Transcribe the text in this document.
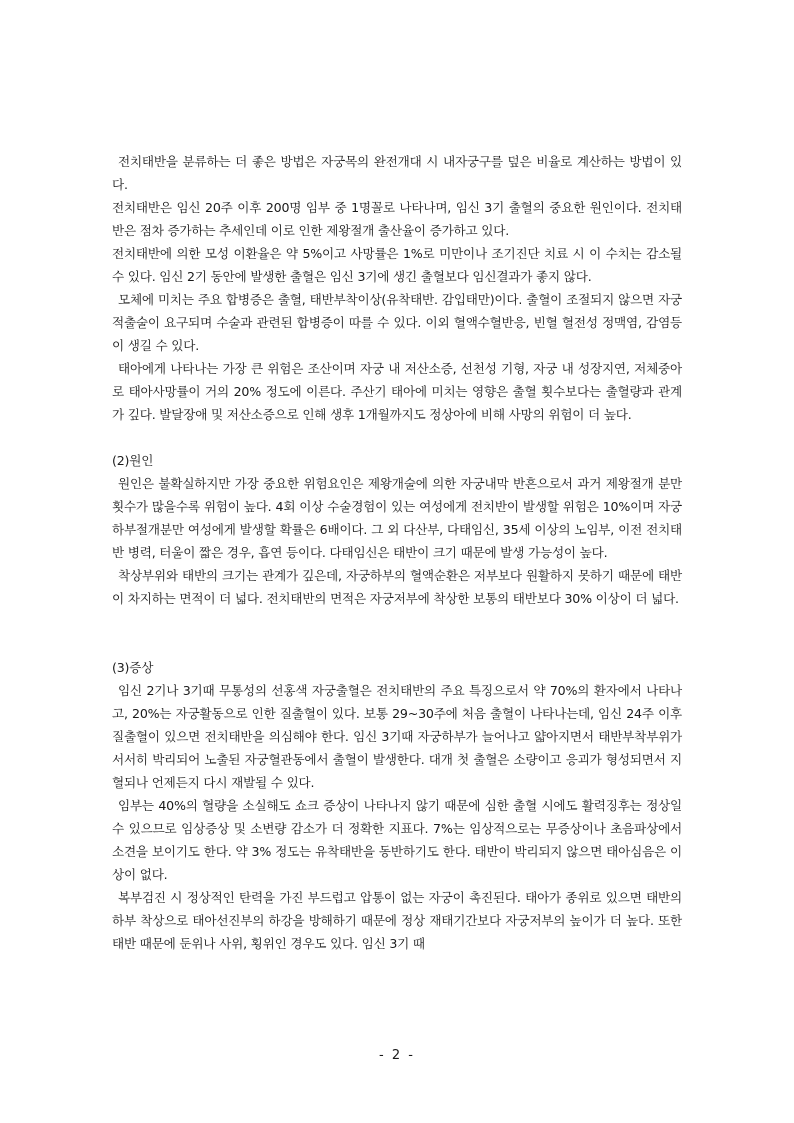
전치태반을 분류하는 더 좋은 방법은 자궁목의 완전개대 시 내자궁구를 덮은 비율로 계산하는 방법이 있다.

전치태반은 임신 20주 이후 200명 임부 중 1명꼴로 나타나며, 임신 3기 출혈의 중요한 원인이다. 전치태반은 점차 증가하는 추세인데 이로 인한 제왕절개 출산율이 증가하고 있다.

전치태반에 의한 모성 이환율은 약 5%이고 사망률은 1%로 미만이나 조기진단 치료 시 이 수치는 감소될 수 있다. 임신 2기 동안에 발생한 출혈은 임신 3기에 생긴 출혈보다 임신결과가 좋지 않다.

모체에 미치는 주요 합병증은 출혈, 태반부착이상(유착태반. 감입태만)이다. 출혈이 조절되지 않으면 자궁적출술이 요구되며 수술과 관련된 합병증이 따를 수 있다. 이외 혈액수혈반응, 빈혈 혈전성 정맥염, 감염등이 생길 수 있다.

태아에게 나타나는 가장 큰 위험은 조산이며 자궁 내 저산소증, 선천성 기형, 자궁 내 성장지연, 저체중아로 태아사망률이 거의 20% 정도에 이른다. 주산기 태아에 미치는 영향은 출혈 횟수보다는 출혈량과 관계가 깊다. 발달장애 및 저산소증으로 인해 생후 1개월까지도 정상아에 비해 사망의 위험이 더 높다.

(2)원인

원인은 불확실하지만 가장 중요한 위험요인은 제왕개술에 의한 자궁내막 반흔으로서 과거 제왕절개 분만횟수가 많을수록 위험이 높다. 4회 이상 수술경험이 있는 여성에게 전치반이 발생할 위험은 10%이며 자궁하부절개분만 여성에게 발생할 확률은 6배이다. 그 외 다산부, 다태임신, 35세 이상의 노임부, 이전 전치태반 병력, 터울이 짧은 경우, 흡연 등이다. 다태임신은 태반이 크기 때문에 발생 가능성이 높다.

착상부위와 태반의 크기는 관계가 깊은데, 자궁하부의 혈액순환은 저부보다 원활하지 못하기 때문에 태반이 차지하는 면적이 더 넓다. 전치태반의 면적은 자궁저부에 착상한 보통의 태반보다 30% 이상이 더 넓다.

(3)증상

임신 2기나 3기때 무통성의 선홍색 자궁출혈은 전치태반의 주요 특징으로서 약 70%의 환자에서 나타나고, 20%는 자궁활동으로 인한 질출혈이 있다. 보통 29~30주에 처음 출혈이 나타나는데, 임신 24주 이후 질출혈이 있으면 전치태반을 의심해야 한다. 임신 3기때 자궁하부가 늘어나고 얇아지면서 태반부착부위가 서서히 박리되어 노출된 자궁혈관동에서 출혈이 발생한다. 대개 첫 출혈은 소량이고 응괴가 형성되면서 지혈되나 언제든지 다시 재발될 수 있다.

임부는 40%의 혈량을 소실해도 쇼크 증상이 나타나지 않기 때문에 심한 출혈 시에도 활력징후는 정상일수 있으므로 임상증상 및 소변량 감소가 더 정확한 지표다. 7%는 임상적으로는 무증상이나 초음파상에서 소견을 보이기도 한다. 약 3% 정도는 유착태반을 동반하기도 한다. 태반이 박리되지 않으면 태아심음은 이상이 없다.

복부검진 시 정상적인 탄력을 가진 부드럽고 압통이 없는 자궁이 촉진된다. 태아가 종위로 있으면 태반의 하부 착상으로 태아선진부의 하강을 방해하기 때문에 정상 재태기간보다 자궁저부의 높이가 더 높다. 또한 태반 때문에 둔위나 사위, 횡위인 경우도 있다. 임신 3기 때

- 2 -
